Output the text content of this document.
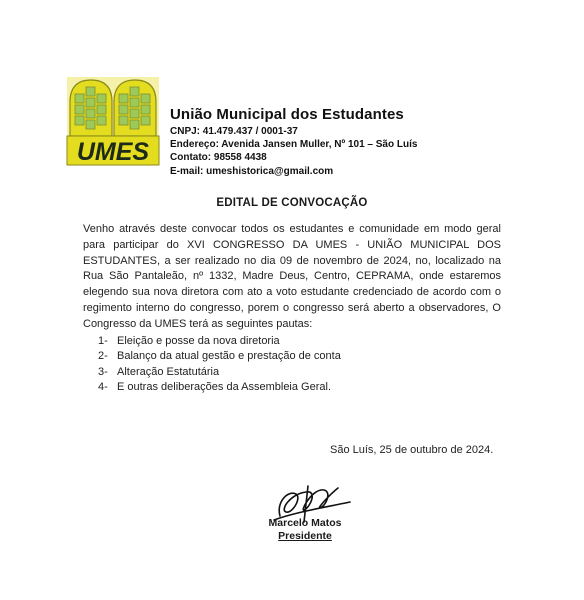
UMES
União Municipal dos Estudantes
CNPJ: 41.479.437 / 0001-37
Endereço: Avenida Jansen Muller, Nº 101 – São Luís
Contato: 98558 4438
E-mail: umeshistorica@gmail.com
EDITAL DE CONVOCAÇÃO
Venho através deste convocar todos os estudantes e comunidade em modo geral para participar do XVI CONGRESSO DA UMES - UNIÃO MUNICIPAL DOS ESTUDANTES, a ser realizado no dia 09 de novembro de 2024, no, localizado na Rua São Pantaleão, nº 1332, Madre Deus, Centro, CEPRAMA, onde estaremos elegendo sua nova diretora com ato a voto estudante credenciado de acordo com o regimento interno do congresso, porem o congresso será aberto a observadores, O Congresso da UMES terá as seguintes pautas:
1- Eleição e posse da nova diretoria
2- Balanço da atual gestão e prestação de conta
3- Alteração Estatutária
4- E outras deliberações da Assembleia Geral.
São Luís, 25 de outubro de 2024.
Marcelo Matos
Presidente
